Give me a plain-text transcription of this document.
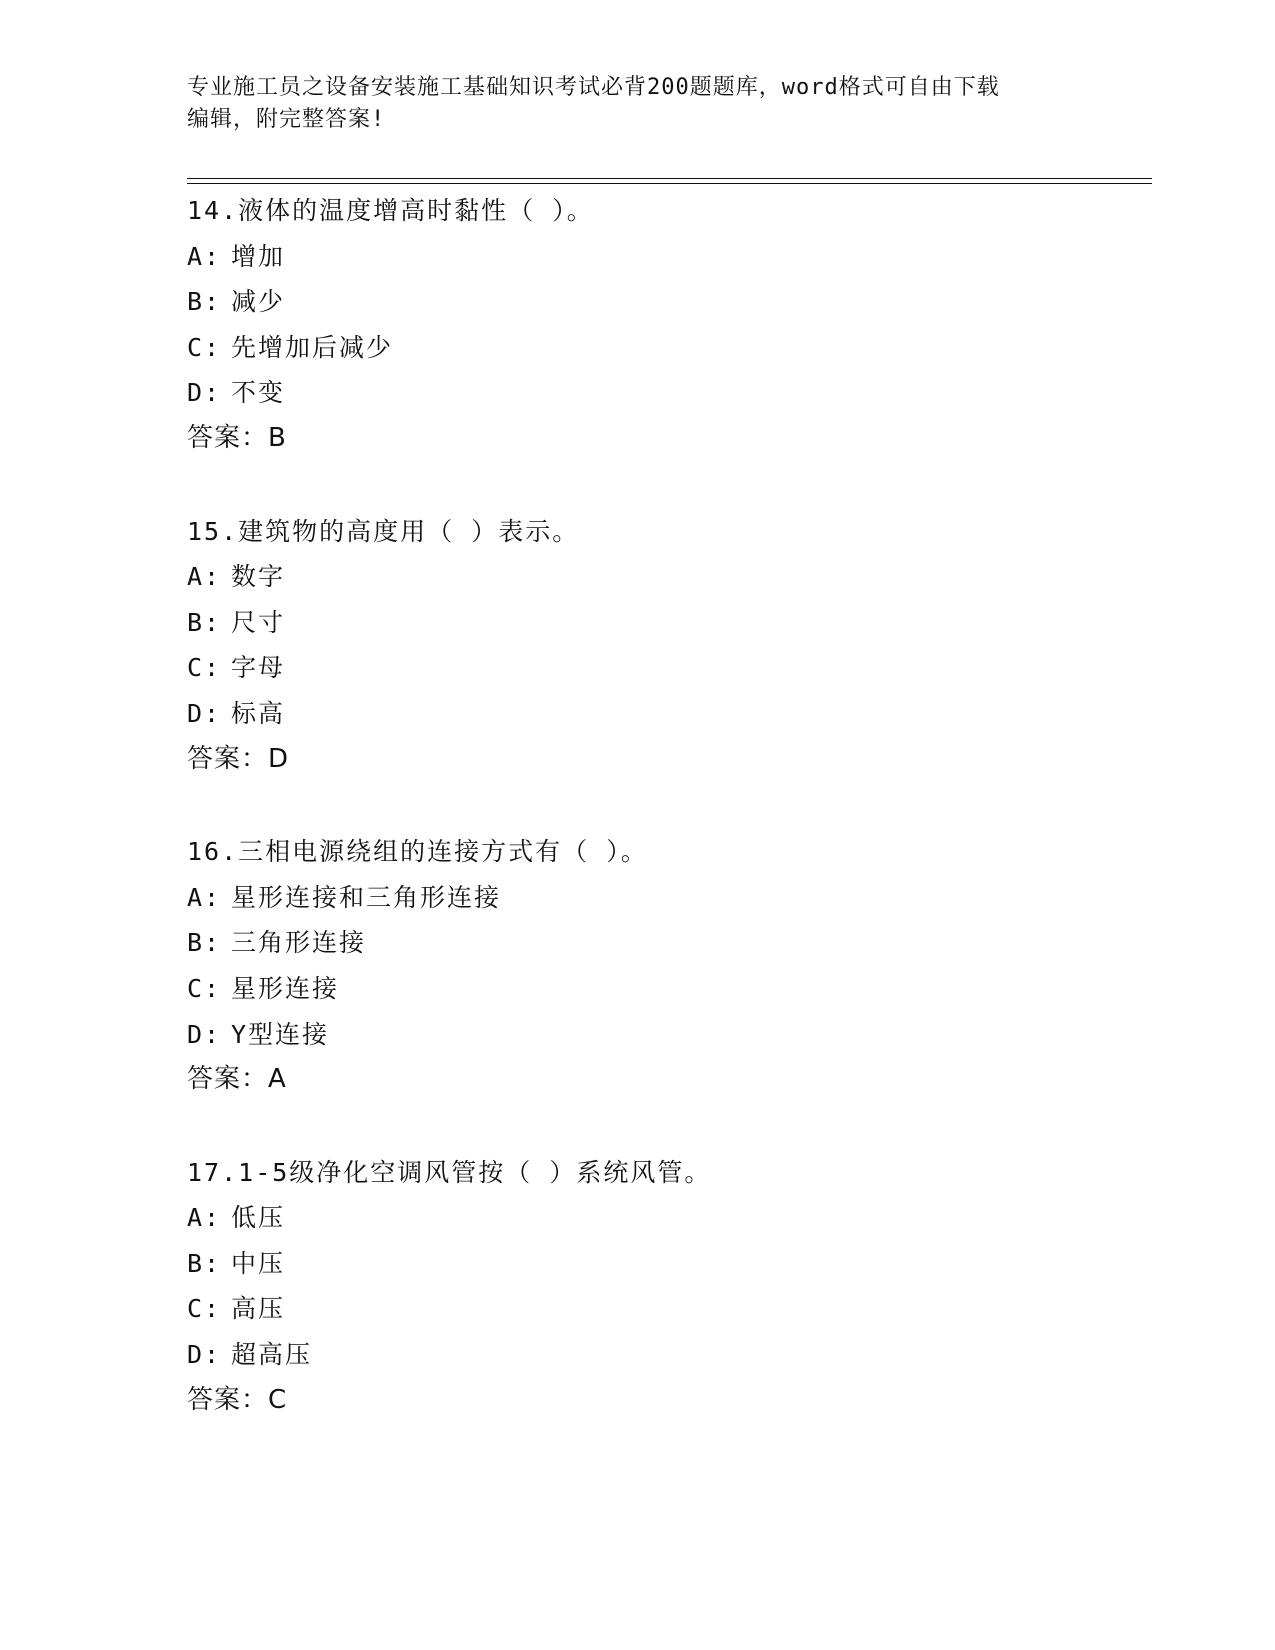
专业施工员之设备安装施工基础知识考试必背200题题库，word格式可自由下载
编辑，附完整答案!
14.液体的温度增高时黏性（ ）。
A: 增加
B: 减少
C: 先增加后减少
D: 不变
答案：B
15.建筑物的高度用（ ）表示。
A: 数字
B: 尺寸
C: 字母
D: 标高
答案：D
16.三相电源绕组的连接方式有（ ）。
A: 星形连接和三角形连接
B: 三角形连接
C: 星形连接
D: Y型连接
答案：A
17.1-5级净化空调风管按（ ）系统风管。
A: 低压
B: 中压
C: 高压
D: 超高压
答案：C
